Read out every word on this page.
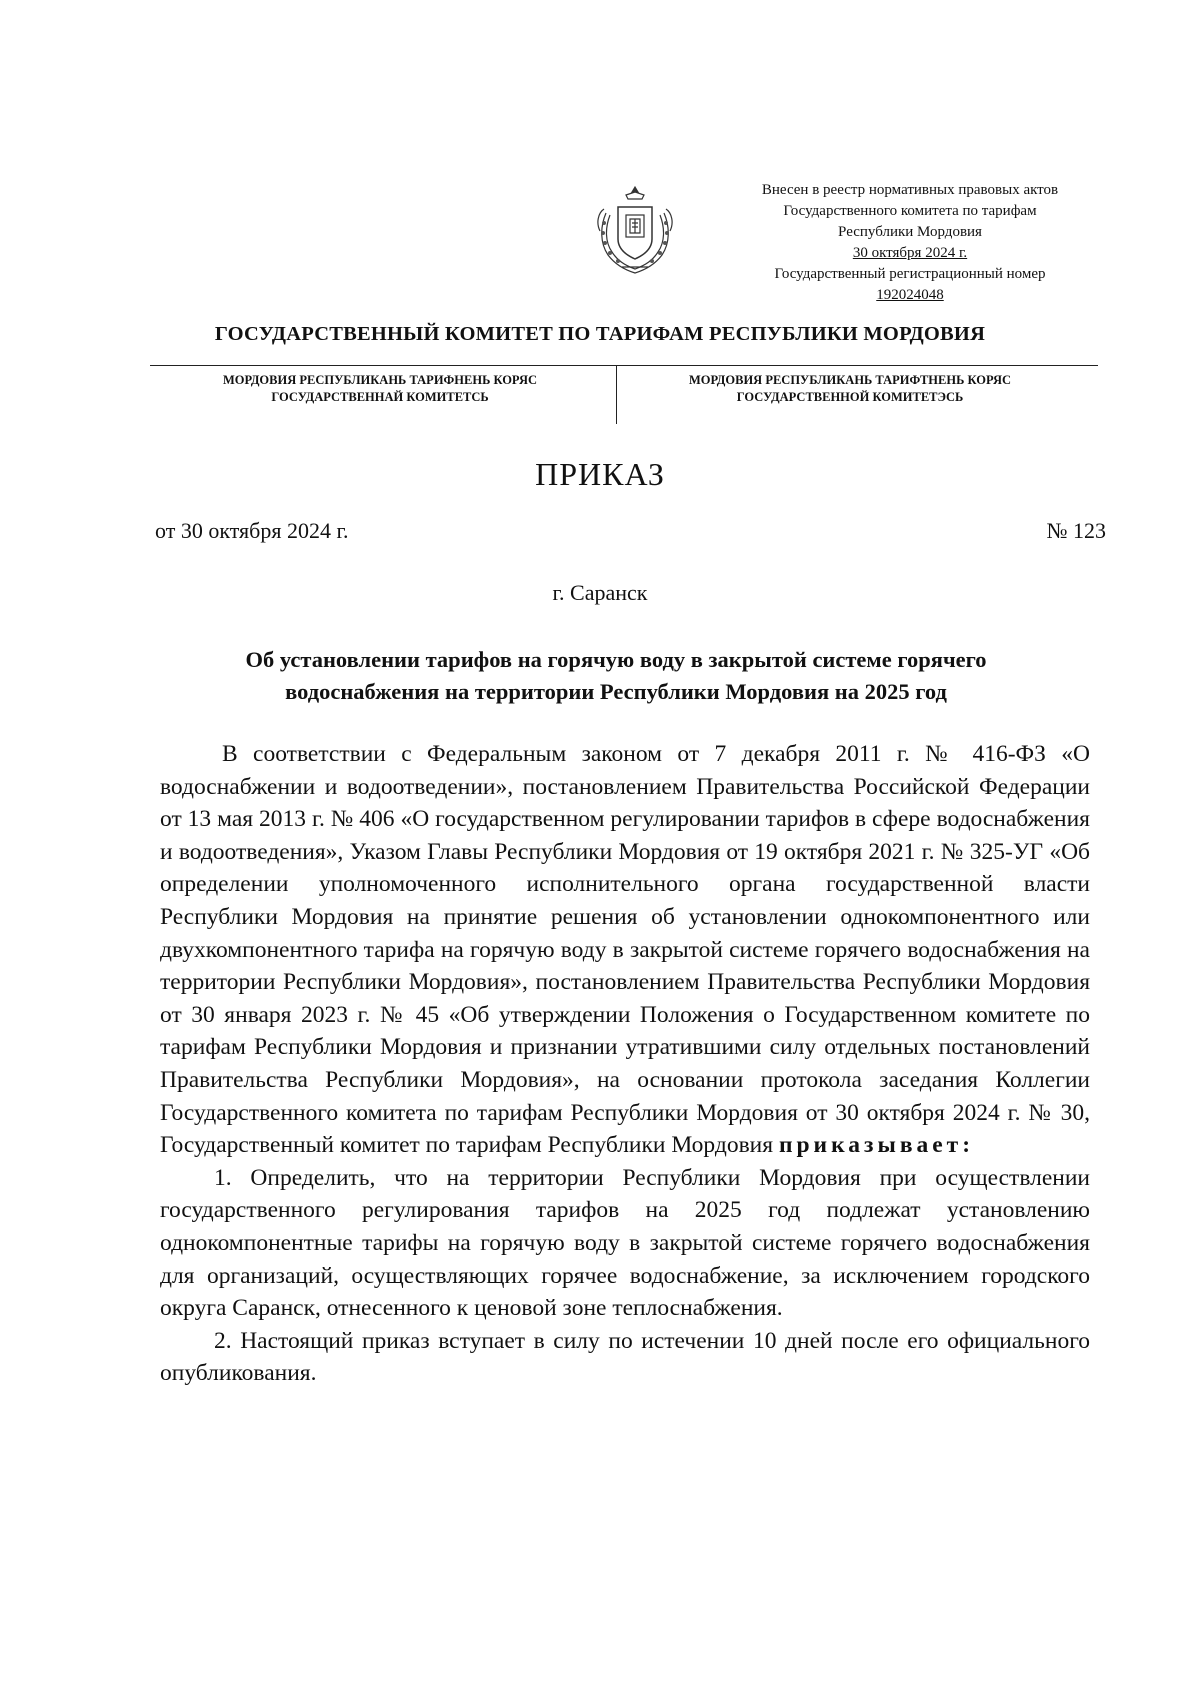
Внесен в реестр нормативных правовых актов
Государственного комитета по тарифам
Республики Мордовия
30 октября 2024 г.
Государственный регистрационный номер
192024048
ГОСУДАРСТВЕННЫЙ КОМИТЕТ ПО ТАРИФАМ РЕСПУБЛИКИ МОРДОВИЯ
МОРДОВИЯ РЕСПУБЛИКАНЬ ТАРИФНЕНЬ КОРЯС
ГОСУДАРСТВЕННАЙ КОМИТЕТСЬ
МОРДОВИЯ РЕСПУБЛИКАНЬ ТАРИФТНЕНЬ КОРЯС
ГОСУДАРСТВЕННОЙ КОМИТЕТЭСЬ
ПРИКАЗ
от 30 октября 2024 г.	№ 123
г. Саранск
Об установлении тарифов на горячую воду в закрытой системе горячего
водоснабжения на территории Республики Мордовия на 2025 год

В соответствии с Федеральным законом от 7 декабря 2011 г. № 416-ФЗ «О водоснабжении и водоотведении», постановлением Правительства Российской Федерации от 13 мая 2013 г. № 406 «О государственном регулировании тарифов в сфере водоснабжения и водоотведения», Указом Главы Республики Мордовия от 19 октября 2021 г. № 325-УГ «Об определении уполномоченного исполнительного органа государственной власти Республики Мордовия на принятие решения об установлении однокомпонентного или двухкомпонентного тарифа на горячую воду в закрытой системе горячего водоснабжения на территории Республики Мордовия», постановлением Правительства Республики Мордовия от 30 января 2023 г. № 45 «Об утверждении Положения о Государственном комитете по тарифам Республики Мордовия и признании утратившими силу отдельных постановлений Правительства Республики Мордовия», на основании протокола заседания Коллегии Государственного комитета по тарифам Республики Мордовия от 30 октября 2024 г. № 30, Государственный комитет по тарифам Республики Мордовия приказывает:

1. Определить, что на территории Республики Мордовия при осуществлении государственного регулирования тарифов на 2025 год подлежат установлению однокомпонентные тарифы на горячую воду в закрытой системе горячего водоснабжения для организаций, осуществляющих горячее водоснабжение, за исключением городского округа Саранск, отнесенного к ценовой зоне теплоснабжения.

2. Настоящий приказ вступает в силу по истечении 10 дней после его официального опубликования.
